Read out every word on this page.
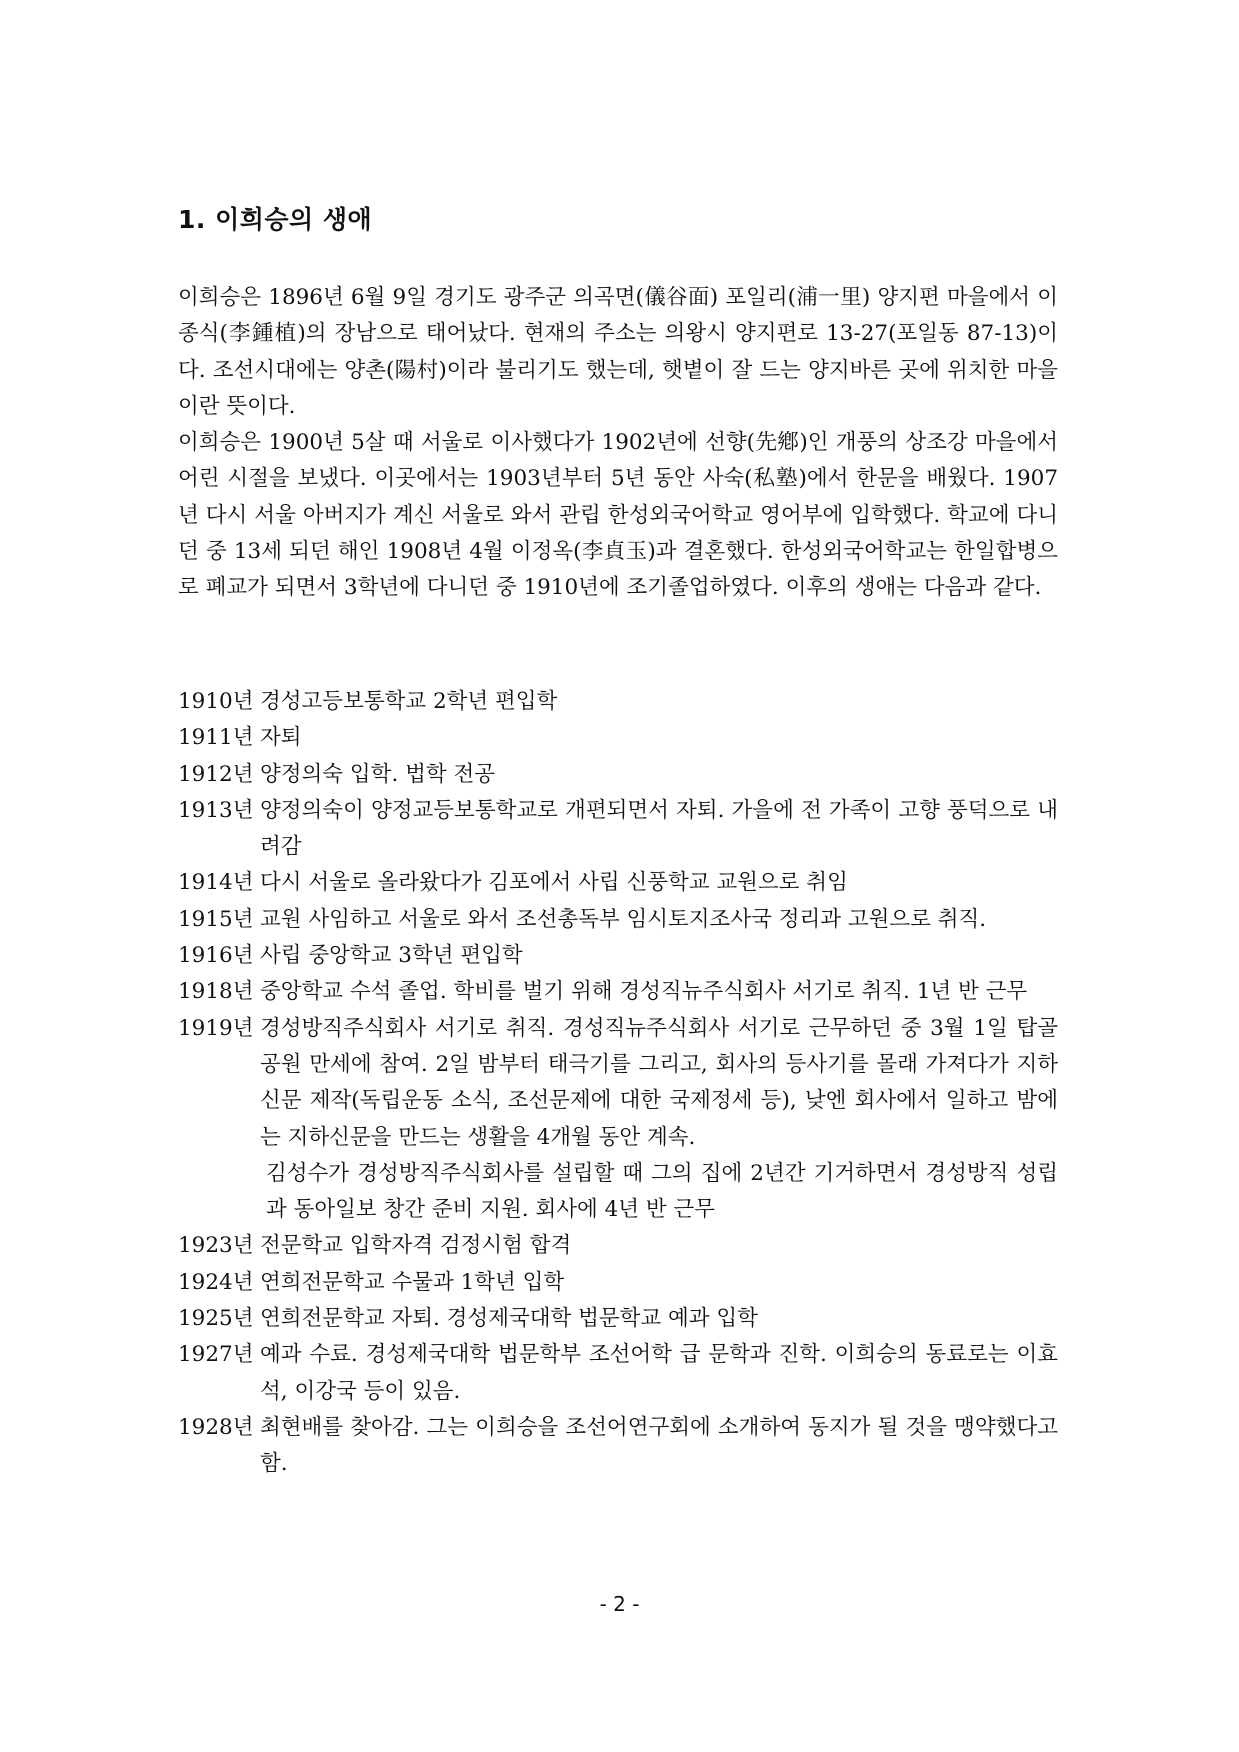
1. 이희승의 생애

이희승은 1896년 6월 9일 경기도 광주군 의곡면(儀谷面) 포일리(浦一里) 양지편 마을에서 이종식(李鍾植)의 장남으로 태어났다. 현재의 주소는 의왕시 양지편로 13-27(포일동 87-13)이다. 조선시대에는 양촌(陽村)이라 불리기도 했는데, 햇볕이 잘 드는 양지바른 곳에 위치한 마을이란 뜻이다.

이희승은 1900년 5살 때 서울로 이사했다가 1902년에 선향(先鄕)인 개풍의 상조강 마을에서 어린 시절을 보냈다. 이곳에서는 1903년부터 5년 동안 사숙(私塾)에서 한문을 배웠다. 1907년 다시 서울 아버지가 계신 서울로 와서 관립 한성외국어학교 영어부에 입학했다. 학교에 다니던 중 13세 되던 해인 1908년 4월 이정옥(李貞玉)과 결혼했다. 한성외국어학교는 한일합병으로 폐교가 되면서 3학년에 다니던 중 1910년에 조기졸업하였다. 이후의 생애는 다음과 같다.

1910년 경성고등보통학교 2학년 편입학
1911년 자퇴
1912년 양정의숙 입학. 법학 전공
1913년 양정의숙이 양정교등보통학교로 개편되면서 자퇴. 가을에 전 가족이 고향 풍덕으로 내려감
1914년 다시 서울로 올라왔다가 김포에서 사립 신풍학교 교원으로 취임
1915년 교원 사임하고 서울로 와서 조선총독부 임시토지조사국 정리과 고원으로 취직.
1916년 사립 중앙학교 3학년 편입학
1918년 중앙학교 수석 졸업. 학비를 벌기 위해 경성직뉴주식회사 서기로 취직. 1년 반 근무
1919년 경성방직주식회사 서기로 취직. 경성직뉴주식회사 서기로 근무하던 중 3월 1일 탑골공원 만세에 참여. 2일 밤부터 태극기를 그리고, 회사의 등사기를 몰래 가져다가 지하신문 제작(독립운동 소식, 조선문제에 대한 국제정세 등), 낮엔 회사에서 일하고 밤에는 지하신문을 만드는 생활을 4개월 동안 계속.
김성수가 경성방직주식회사를 설립할 때 그의 집에 2년간 기거하면서 경성방직 성립과 동아일보 창간 준비 지원. 회사에 4년 반 근무
1923년 전문학교 입학자격 검정시험 합격
1924년 연희전문학교 수물과 1학년 입학
1925년 연희전문학교 자퇴. 경성제국대학 법문학교 예과 입학
1927년 예과 수료. 경성제국대학 법문학부 조선어학 급 문학과 진학. 이희승의 동료로는 이효석, 이강국 등이 있음.
1928년 최현배를 찾아감. 그는 이희승을 조선어연구회에 소개하여 동지가 될 것을 맹약했다고 함.
- 2 -
